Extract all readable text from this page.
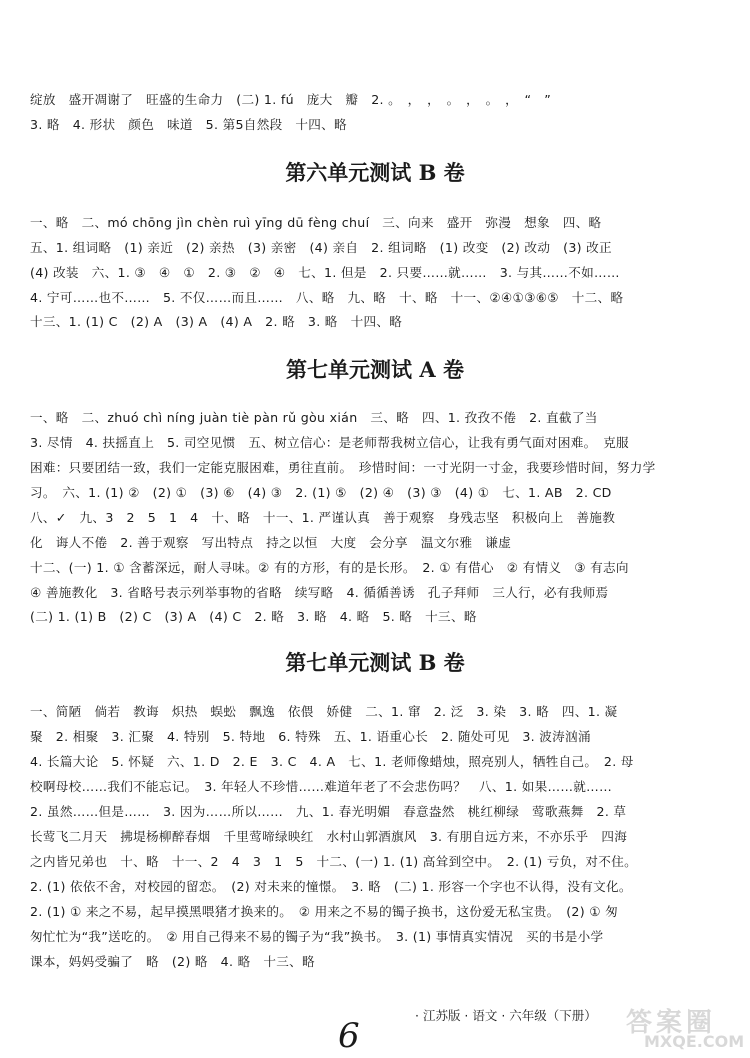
绽放　盛开凋谢了　旺盛的生命力　(二) 1. fú　庞大　瓣　2. 。　，　，　。　，　。　，　“　”
3. 略　4. 形状　颜色　味道　5. 第5自然段　十四、略
第六单元测试 B 卷
一、略　二、mó chōng jìn chèn ruì yīng dū fèng chuí　三、向来　盛开　弥漫　想象　四、略
五、1. 组词略　(1) 亲近　(2) 亲热　(3) 亲密　(4) 亲自　2. 组词略　(1) 改变　(2) 改动　(3) 改正
(4) 改装　六、1. ③　④　①　2. ③　②　④　七、1. 但是　2. 只要……就……　3. 与其……不如……
4. 宁可……也不……　5. 不仅……而且……　八、略　九、略　十、略　十一、②④①③⑥⑤　十二、略
十三、1. (1) C　(2) A　(3) A　(4) A　2. 略　3. 略　十四、略
第七单元测试 A 卷
一、略　二、zhuó chì níng juàn tiè pàn rǔ gòu xián　三、略　四、1. 孜孜不倦　2. 直截了当
3. 尽情　4. 扶摇直上　5. 司空见惯　五、树立信心：是老师帮我树立信心，让我有勇气面对困难。　克服
困难：只要团结一致，我们一定能克服困难，勇往直前。　珍惜时间：一寸光阴一寸金，我要珍惜时间，努力学
习。　六、1. (1) ②　(2) ①　(3) ⑥　(4) ③　2. (1) ⑤　(2) ④　(3) ③　(4) ①　七、1. AB　2. CD
八、✓　九、3　2　5　1　4　十、略　十一、1. 严谨认真　善于观察　身残志坚　积极向上　善施教
化　诲人不倦　2. 善于观察　写出特点　持之以恒　大度　会分享　温文尔雅　谦虚
十二、(一) 1. ① 含蓄深远，耐人寻味。② 有的方形，有的是长形。　2. ① 有借心　② 有情义　③ 有志向
④ 善施教化　3. 省略号表示列举事物的省略　续写略　4. 循循善诱　孔子拜师　三人行，必有我师焉
(二) 1. (1) B　(2) C　(3) A　(4) C　2. 略　3. 略　4. 略　5. 略　十三、略
第七单元测试 B 卷
一、简陋　倘若　教诲　炽热　蜈蚣　飘逸　依偎　娇健　二、1. 窜　2. 泛　3. 染　3. 略　四、1. 凝
聚　2. 相聚　3. 汇聚　4. 特别　5. 特地　6. 特殊　五、1. 语重心长　2. 随处可见　3. 波涛汹涌
4. 长篇大论　5. 怀疑　六、1. D　2. E　3. C　4. A　七、1. 老师像蜡烛，照亮别人，牺牲自己。　2. 母
校啊母校……我们不能忘记。　3. 年轻人不珍惜……难道年老了不会悲伤吗？　八、1. 如果……就……
2. 虽然……但是……　3. 因为……所以……　九、1. 春光明媚　春意盎然　桃红柳绿　莺歌燕舞　2. 草
长莺飞二月天　拂堤杨柳醉春烟　千里莺啼绿映红　水村山郭酒旗风　3. 有朋自远方来，不亦乐乎　四海
之内皆兄弟也　十、略　十一、2　4　3　1　5　十二、(一) 1. (1) 高耸到空中。　2. (1) 亏负，对不住。
2. (1) 依依不舍，对校园的留恋。　(2) 对未来的憧憬。　3. 略　(二) 1. 形容一个字也不认得，没有文化。
2. (1) ① 来之不易，起早摸黑喂猪才换来的。　② 用来之不易的镯子换书，这份爱无私宝贵。　(2) ① 匆
匆忙忙为“我”送吃的。　② 用自己得来不易的镯子为“我”换书。　3. (1) 事情真实情况　买的书是小学
课本，妈妈受骗了　略　(2) 略　4. 略　十三、略
· 江苏版 · 语文 · 六年级（下册）
6	答案圈
MXQE.COM
